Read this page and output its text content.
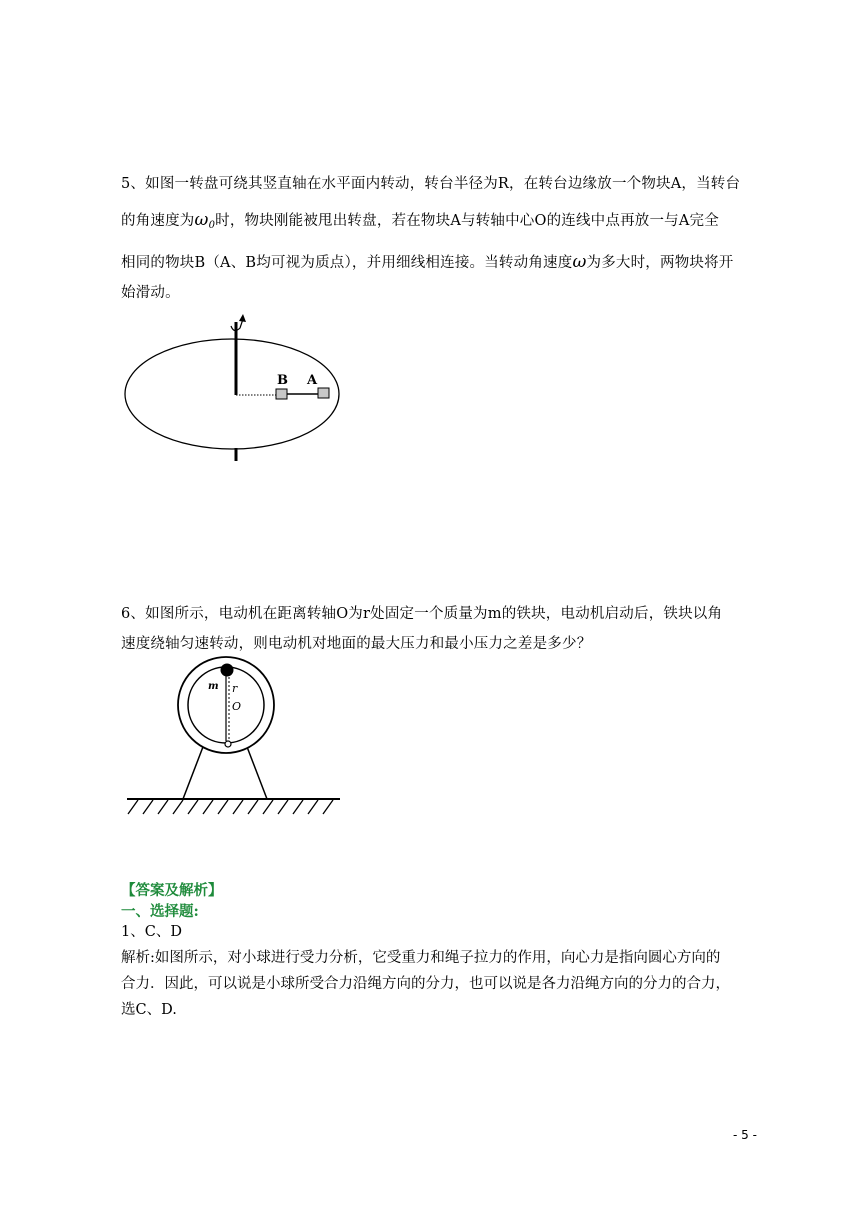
5、如图一转盘可绕其竖直轴在水平面内转动，转台半径为R，在转台边缘放一个物块A，当转台
的角速度为$\omega_0$时，物块刚能被甩出转盘，若在物块A与转轴中心O的连线中点再放一与A完全
相同的物块B（A、B均可视为质点），并用细线相连接。当转动角速度ω为多大时，两物块将开
始滑动。
B A
6、如图所示，电动机在距离转轴O为r处固定一个质量为m的铁块，电动机启动后，铁块以角
速度绕轴匀速转动，则电动机对地面的最大压力和最小压力之差是多少？
m r
O
【答案及解析】
一、选择题:
1、C、D
解析:如图所示，对小球进行受力分析，它受重力和绳子拉力的作用，向心力是指向圆心方向的
合力．因此，可以说是小球所受合力沿绳方向的分力，也可以说是各力沿绳方向的分力的合力，
选C、D.
- 5 -
